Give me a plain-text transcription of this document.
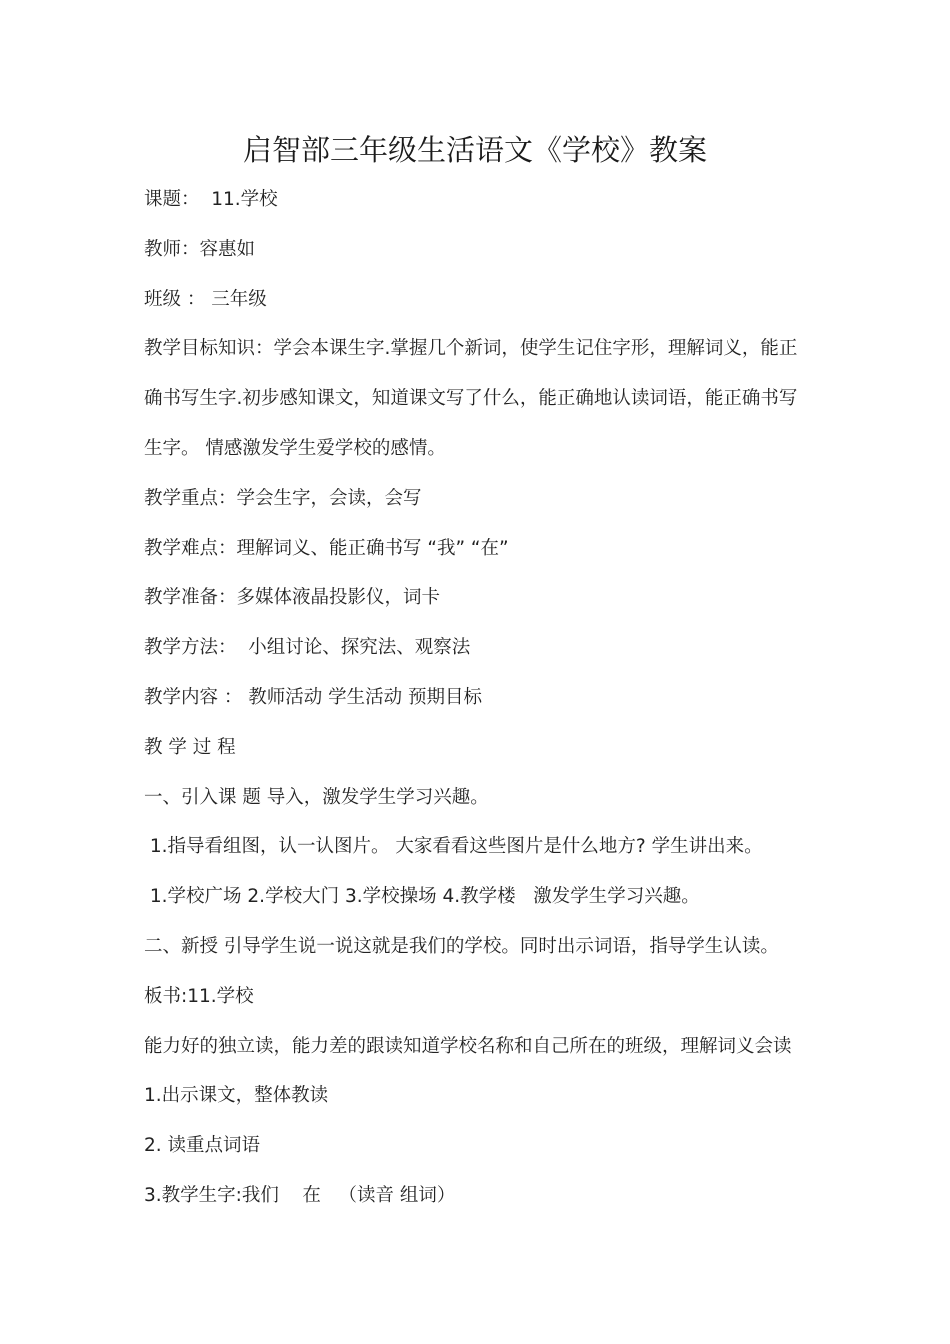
启智部三年级生活语文《学校》教案
课题：  11.学校
教师：容惠如
班级 ： 三年级
教学目标知识：学会本课生字.掌握几个新词，使学生记住字形，理解词义，能正
确书写生字.初步感知课文，知道课文写了什么，能正确地认读词语，能正确书写
生字。 情感激发学生爱学校的感情。
教学重点：学会生字，会读，会写
教学难点：理解词义、能正确书写 “我” “在”
教学准备：多媒体液晶投影仪，词卡
教学方法：  小组讨论、探究法、观察法
教学内容 ： 教师活动 学生活动 预期目标
教 学 过 程
一、引入课 题 导入，激发学生学习兴趣。
1.指导看组图，认一认图片。 大家看看这些图片是什么地方? 学生讲出来。
1.学校广场 2.学校大门 3.学校操场 4.教学楼   激发学生学习兴趣。
二、新授 引导学生说一说这就是我们的学校。同时出示词语，指导学生认读。
板书:11.学校
能力好的独立读，能力差的跟读知道学校名称和自己所在的班级，理解词义会读
1.出示课文，整体教读
2. 读重点词语
3.教学生字:我们    在   （读音 组词）
